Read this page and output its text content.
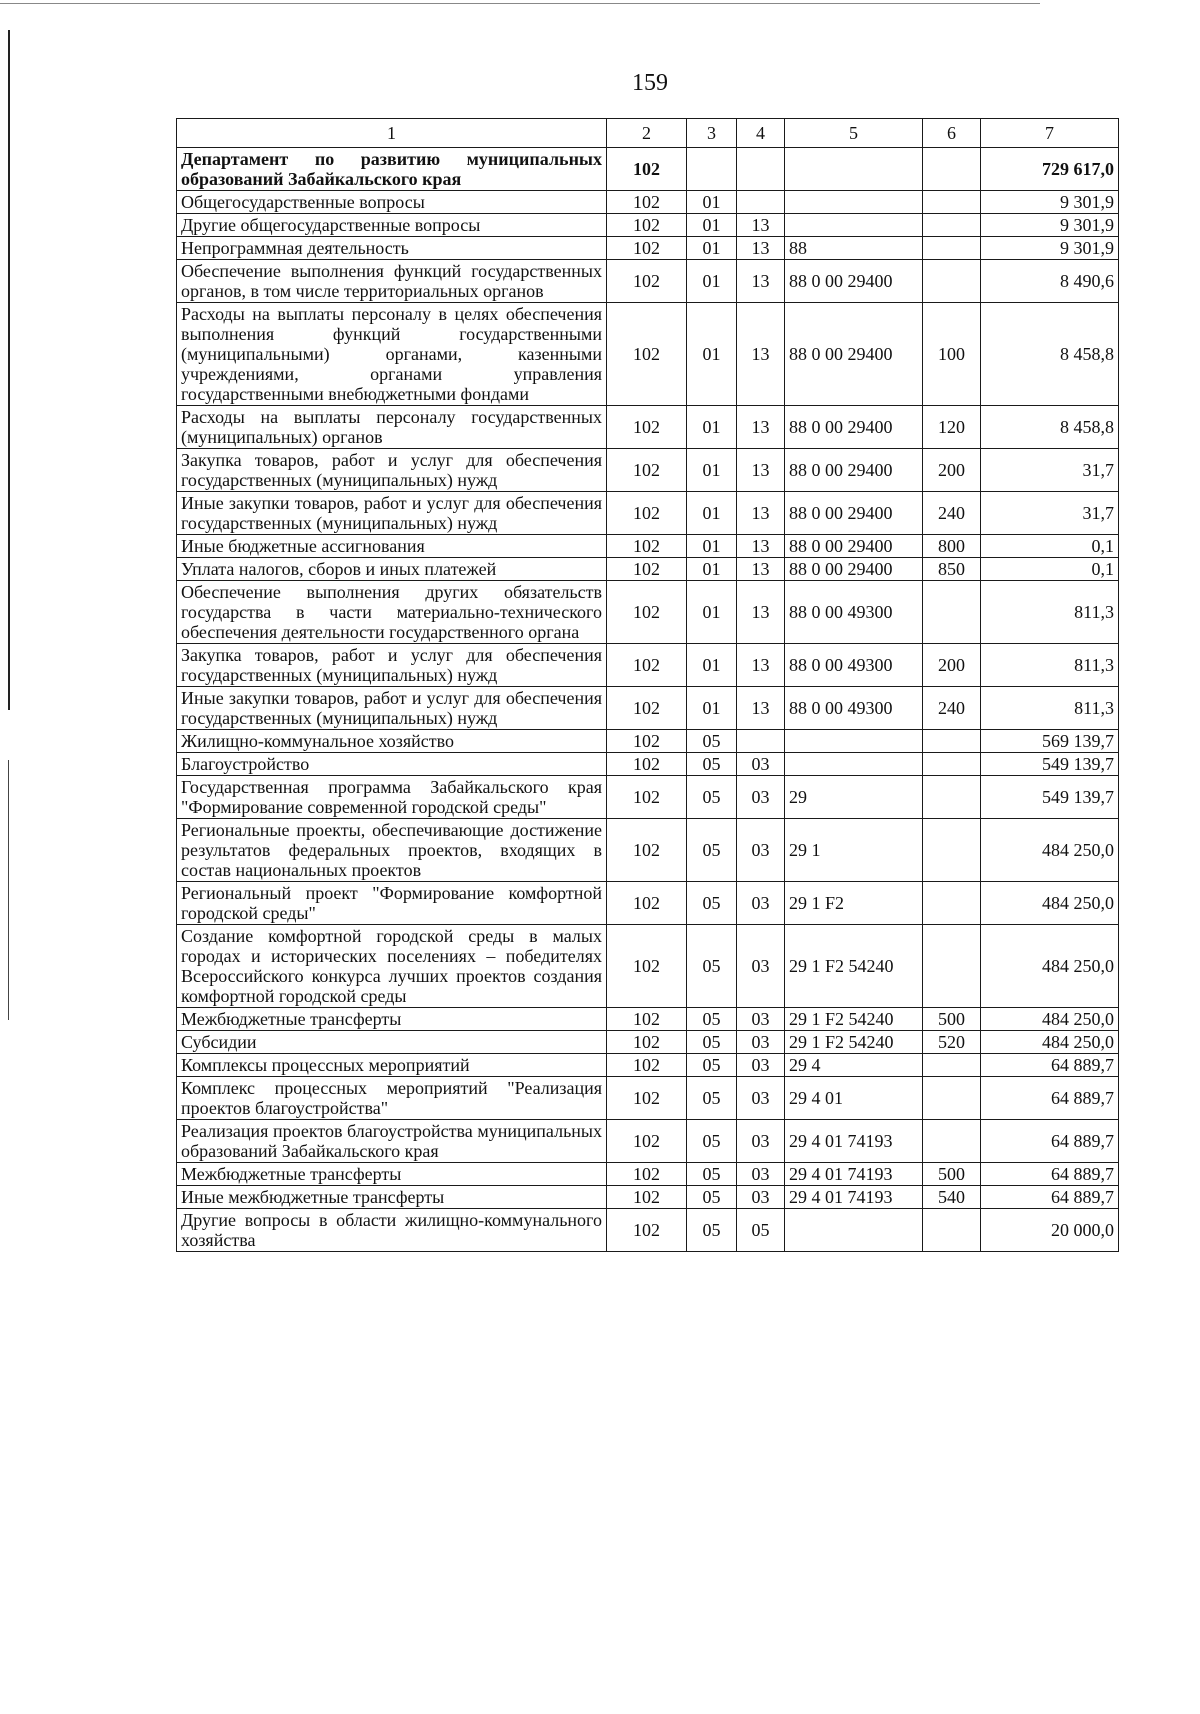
159
1	2	3	4	5	6	7
Департамент по развитию муниципальных образований Забайкальского края	102					729 617,0
Общегосударственные вопросы	102	01				9 301,9
Другие общегосударственные вопросы	102	01	13			9 301,9
Непрограммная деятельность	102	01	13	88		9 301,9
Обеспечение выполнения функций государственных органов, в том числе территориальных органов	102	01	13	88 0 00 29400		8 490,6
Расходы на выплаты персоналу в целях обеспечения выполнения функций государственными (муниципальными) органами, казенными учреждениями, органами управления государственными внебюджетными фондами	102	01	13	88 0 00 29400	100	8 458,8
Расходы на выплаты персоналу государственных (муниципальных) органов	102	01	13	88 0 00 29400	120	8 458,8
Закупка товаров, работ и услуг для обеспечения государственных (муниципальных) нужд	102	01	13	88 0 00 29400	200	31,7
Иные закупки товаров, работ и услуг для обеспечения государственных (муниципальных) нужд	102	01	13	88 0 00 29400	240	31,7
Иные бюджетные ассигнования	102	01	13	88 0 00 29400	800	0,1
Уплата налогов, сборов и иных платежей	102	01	13	88 0 00 29400	850	0,1
Обеспечение выполнения других обязательств государства в части материально-технического обеспечения деятельности государственного органа	102	01	13	88 0 00 49300		811,3
Закупка товаров, работ и услуг для обеспечения государственных (муниципальных) нужд	102	01	13	88 0 00 49300	200	811,3
Иные закупки товаров, работ и услуг для обеспечения государственных (муниципальных) нужд	102	01	13	88 0 00 49300	240	811,3
Жилищно-коммунальное хозяйство	102	05				569 139,7
Благоустройство	102	05	03			549 139,7
Государственная программа Забайкальского края "Формирование современной городской среды"	102	05	03	29		549 139,7
Региональные проекты, обеспечивающие достижение результатов федеральных проектов, входящих в состав национальных проектов	102	05	03	29 1		484 250,0
Региональный проект "Формирование комфортной городской среды"	102	05	03	29 1 F2		484 250,0
Создание комфортной городской среды в малых городах и исторических поселениях – победителях Всероссийского конкурса лучших проектов создания комфортной городской среды	102	05	03	29 1 F2 54240		484 250,0
Межбюджетные трансферты	102	05	03	29 1 F2 54240	500	484 250,0
Субсидии	102	05	03	29 1 F2 54240	520	484 250,0
Комплексы процессных мероприятий	102	05	03	29 4		64 889,7
Комплекс процессных мероприятий "Реализация проектов благоустройства"	102	05	03	29 4 01		64 889,7
Реализация проектов благоустройства муниципальных образований Забайкальского края	102	05	03	29 4 01 74193		64 889,7
Межбюджетные трансферты	102	05	03	29 4 01 74193	500	64 889,7
Иные межбюджетные трансферты	102	05	03	29 4 01 74193	540	64 889,7
Другие вопросы в области жилищно-коммунального хозяйства	102	05	05			20 000,0
